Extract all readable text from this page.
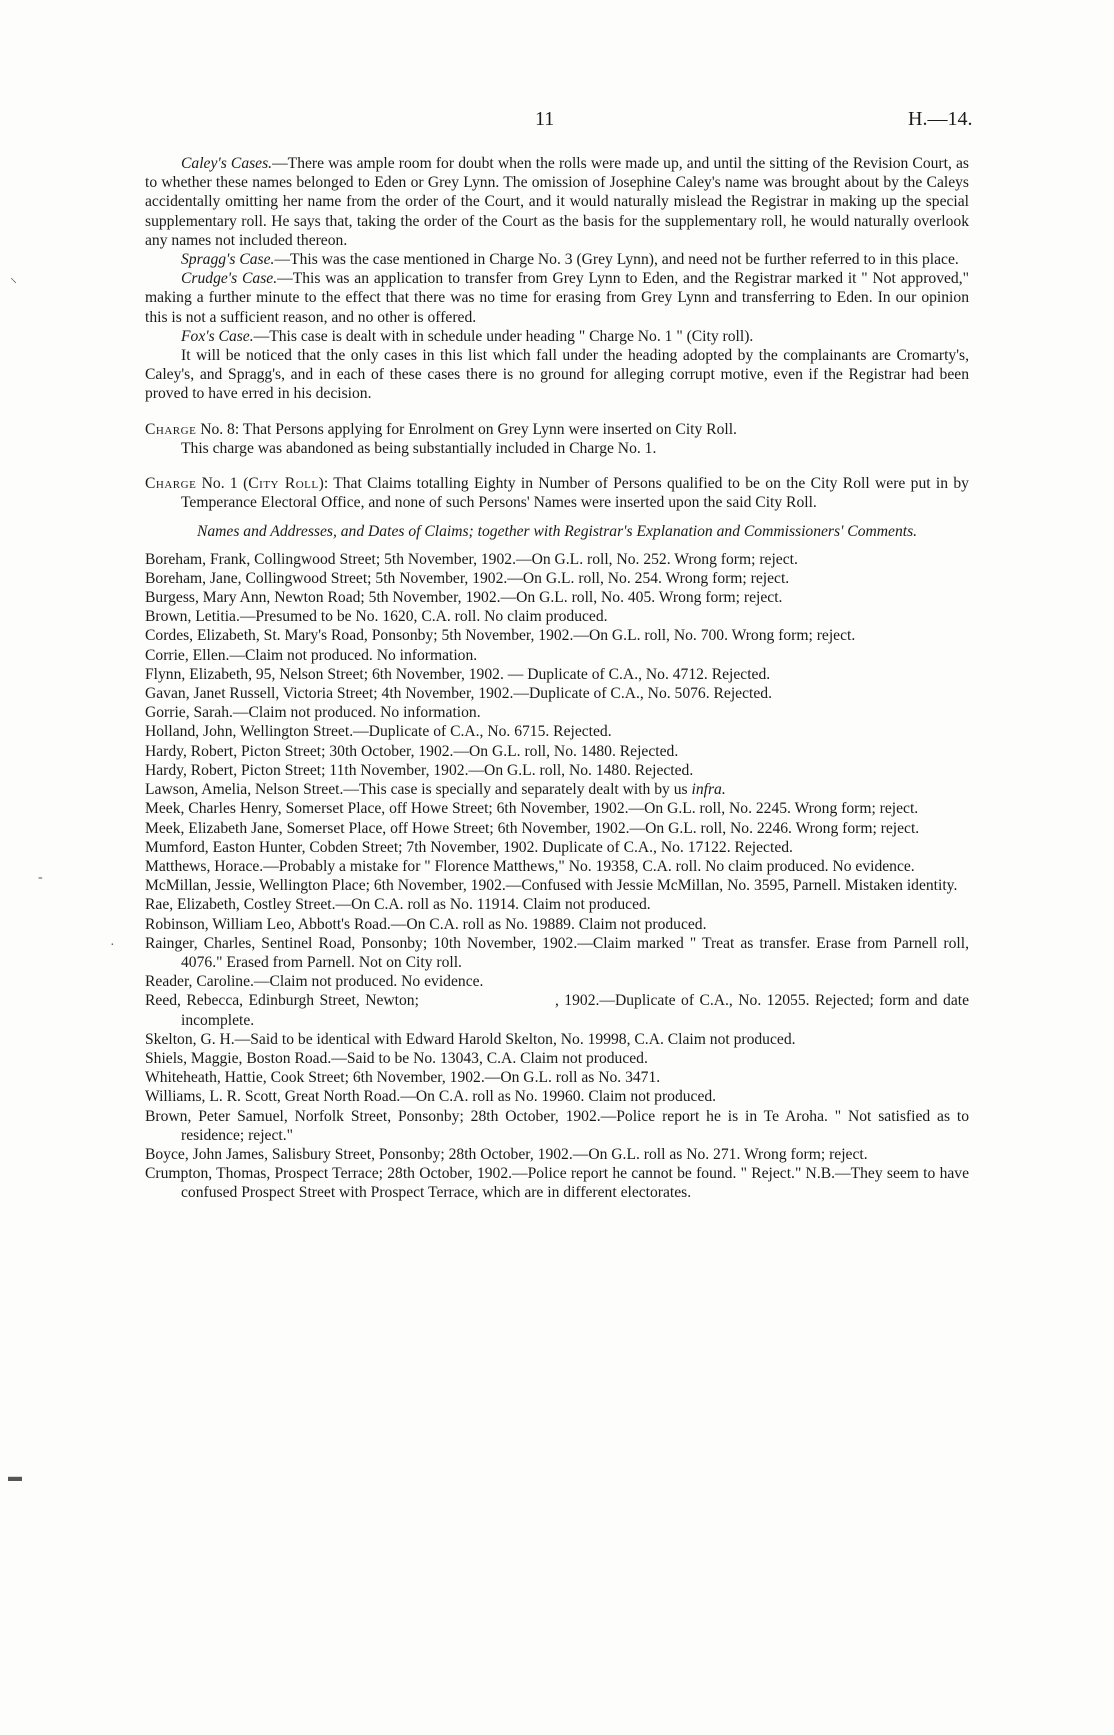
11	H.—14.

Caley's Cases.—There was ample room for doubt when the rolls were made up, and until the sitting of the Revision Court, as to whether these names belonged to Eden or Grey Lynn. The omission of Josephine Caley's name was brought about by the Caleys accidentally omitting her name from the order of the Court, and it would naturally mislead the Registrar in making up the special supplementary roll. He says that, taking the order of the Court as the basis for the supplementary roll, he would naturally overlook any names not included thereon.

Spragg's Case.—This was the case mentioned in Charge No. 3 (Grey Lynn), and need not be further referred to in this place.

Crudge's Case.—This was an application to transfer from Grey Lynn to Eden, and the Registrar marked it " Not approved," making a further minute to the effect that there was no time for erasing from Grey Lynn and transferring to Eden. In our opinion this is not a sufficient reason, and no other is offered.

Fox's Case.—This case is dealt with in schedule under heading " Charge No. 1 " (City roll).

It will be noticed that the only cases in this list which fall under the heading adopted by the complainants are Cromarty's, Caley's, and Spragg's, and in each of these cases there is no ground for alleging corrupt motive, even if the Registrar had been proved to have erred in his decision.

Charge No. 8: That Persons applying for Enrolment on Grey Lynn were inserted on City Roll.

This charge was abandoned as being substantially included in Charge No. 1.

Charge No. 1 (City Roll): That Claims totalling Eighty in Number of Persons qualified to be on the City Roll were put in by Temperance Electoral Office, and none of such Persons' Names were inserted upon the said City Roll.

Names and Addresses, and Dates of Claims; together with Registrar's Explanation and Commissioners' Comments.

Boreham, Frank, Collingwood Street; 5th November, 1902.—On G.L. roll, No. 252. Wrong form; reject.

Boreham, Jane, Collingwood Street; 5th November, 1902.—On G.L. roll, No. 254. Wrong form; reject.

Burgess, Mary Ann, Newton Road; 5th November, 1902.—On G.L. roll, No. 405. Wrong form; reject.

Brown, Letitia.—Presumed to be No. 1620, C.A. roll. No claim produced.

Cordes, Elizabeth, St. Mary's Road, Ponsonby; 5th November, 1902.—On G.L. roll, No. 700. Wrong form; reject.

Corrie, Ellen.—Claim not produced. No information.

Flynn, Elizabeth, 95, Nelson Street; 6th November, 1902. — Duplicate of C.A., No. 4712. Rejected.

Gavan, Janet Russell, Victoria Street; 4th November, 1902.—Duplicate of C.A., No. 5076. Rejected.

Gorrie, Sarah.—Claim not produced. No information.

Holland, John, Wellington Street.—Duplicate of C.A., No. 6715. Rejected.

Hardy, Robert, Picton Street; 30th October, 1902.—On G.L. roll, No. 1480. Rejected.

Hardy, Robert, Picton Street; 11th November, 1902.—On G.L. roll, No. 1480. Rejected.

Lawson, Amelia, Nelson Street.—This case is specially and separately dealt with by us infra.

Meek, Charles Henry, Somerset Place, off Howe Street; 6th November, 1902.—On G.L. roll, No. 2245. Wrong form; reject.

Meek, Elizabeth Jane, Somerset Place, off Howe Street; 6th November, 1902.—On G.L. roll, No. 2246. Wrong form; reject.

Mumford, Easton Hunter, Cobden Street; 7th November, 1902. Duplicate of C.A., No. 17122. Rejected.

Matthews, Horace.—Probably a mistake for " Florence Matthews," No. 19358, C.A. roll. No claim produced. No evidence.

McMillan, Jessie, Wellington Place; 6th November, 1902.—Confused with Jessie McMillan, No. 3595, Parnell. Mistaken identity.

Rae, Elizabeth, Costley Street.—On C.A. roll as No. 11914. Claim not produced.

Robinson, William Leo, Abbott's Road.—On C.A. roll as No. 19889. Claim not produced.

Rainger, Charles, Sentinel Road, Ponsonby; 10th November, 1902.—Claim marked " Treat as transfer. Erase from Parnell roll, 4076." Erased from Parnell. Not on City roll.

Reader, Caroline.—Claim not produced. No evidence.

Reed, Rebecca, Edinburgh Street, Newton;                         , 1902.—Duplicate of C.A., No. 12055. Rejected; form and date incomplete.

Skelton, G. H.—Said to be identical with Edward Harold Skelton, No. 19998, C.A. Claim not produced.

Shiels, Maggie, Boston Road.—Said to be No. 13043, C.A. Claim not produced.

Whiteheath, Hattie, Cook Street; 6th November, 1902.—On G.L. roll as No. 3471.

Williams, L. R. Scott, Great North Road.—On C.A. roll as No. 19960. Claim not produced.

Brown, Peter Samuel, Norfolk Street, Ponsonby; 28th October, 1902.—Police report he is in Te Aroha. " Not satisfied as to residence; reject."

Boyce, John James, Salisbury Street, Ponsonby; 28th October, 1902.—On G.L. roll as No. 271. Wrong form; reject.

Crumpton, Thomas, Prospect Terrace; 28th October, 1902.—Police report he cannot be found. " Reject." N.B.—They seem to have confused Prospect Street with Prospect Terrace, which are in different electorates.

⸜
-
·
▬
